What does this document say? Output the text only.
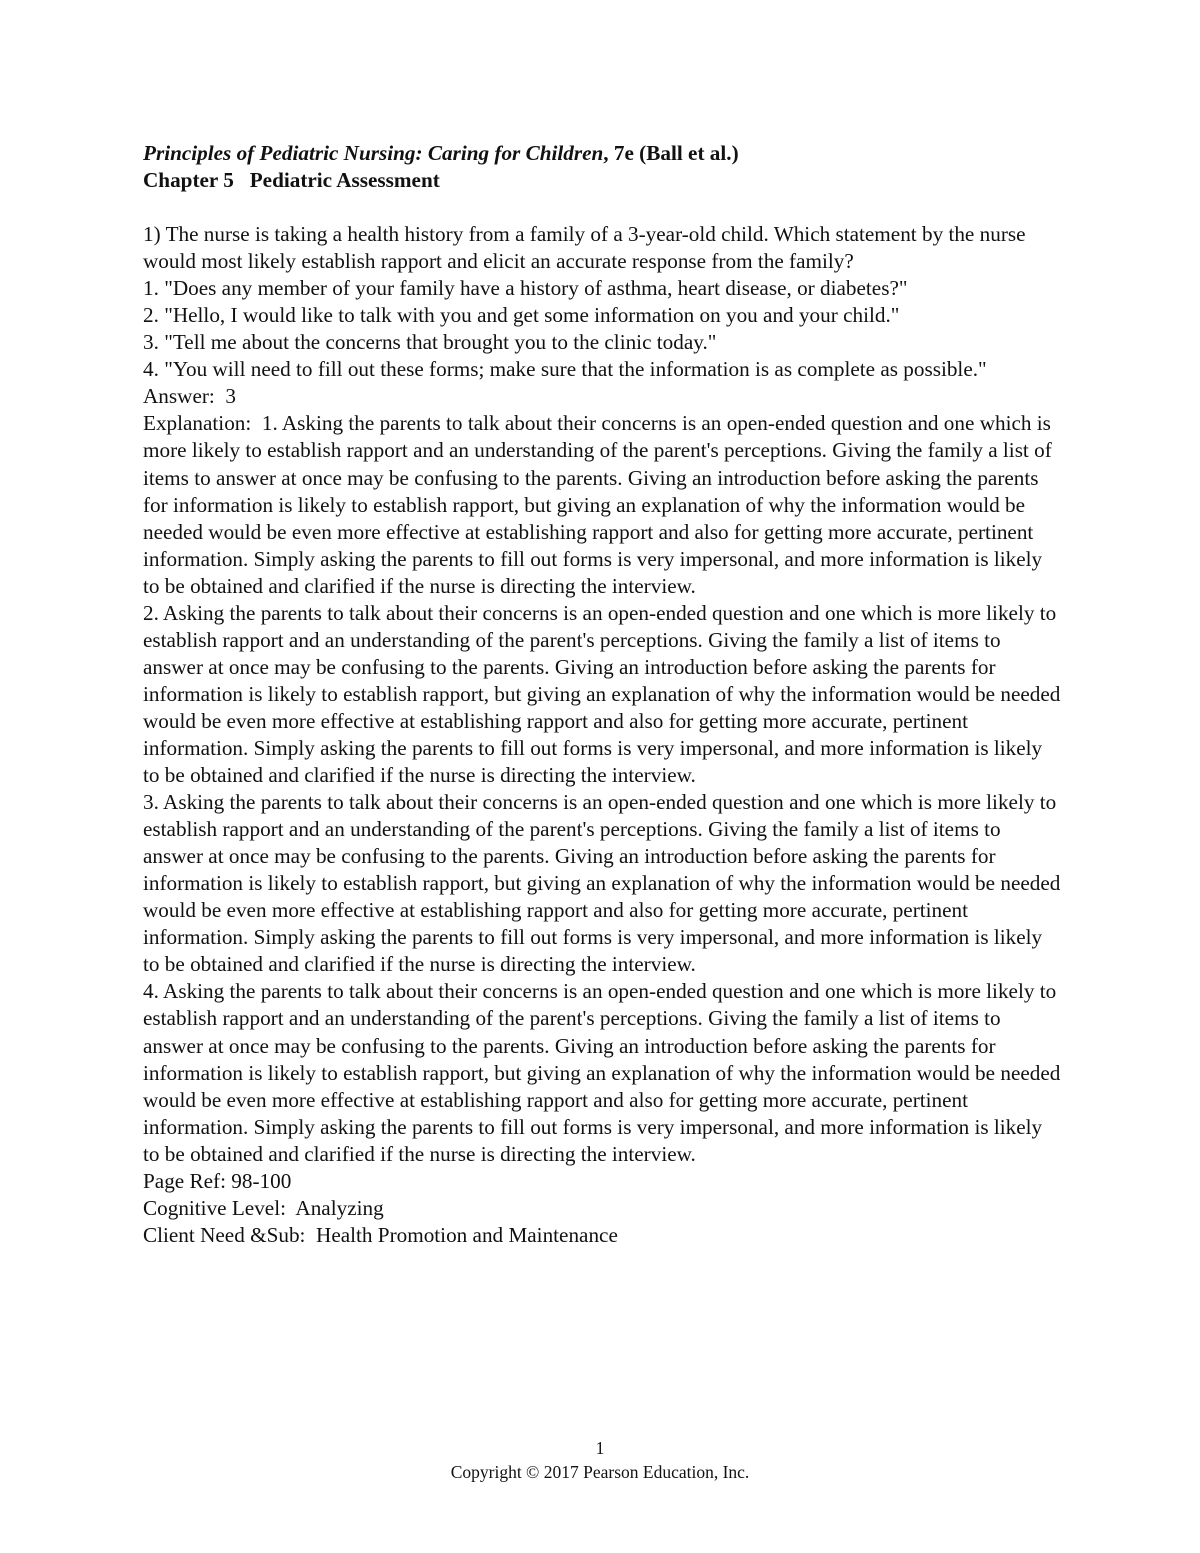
Principles of Pediatric Nursing: Caring for Children, 7e (Ball et al.)
Chapter 5   Pediatric Assessment
1) The nurse is taking a health history from a family of a 3-year-old child. Which statement by the nurse would most likely establish rapport and elicit an accurate response from the family?
1. "Does any member of your family have a history of asthma, heart disease, or diabetes?"
2. "Hello, I would like to talk with you and get some information on you and your child."
3. "Tell me about the concerns that brought you to the clinic today."
4. "You will need to fill out these forms; make sure that the information is as complete as possible."
Answer:  3
Explanation:  1. Asking the parents to talk about their concerns is an open-ended question and one which is more likely to establish rapport and an understanding of the parent's perceptions. Giving the family a list of items to answer at once may be confusing to the parents. Giving an introduction before asking the parents for information is likely to establish rapport, but giving an explanation of why the information would be needed would be even more effective at establishing rapport and also for getting more accurate, pertinent information. Simply asking the parents to fill out forms is very impersonal, and more information is likely to be obtained and clarified if the nurse is directing the interview.
2. Asking the parents to talk about their concerns is an open-ended question and one which is more likely to establish rapport and an understanding of the parent's perceptions. Giving the family a list of items to answer at once may be confusing to the parents. Giving an introduction before asking the parents for information is likely to establish rapport, but giving an explanation of why the information would be needed would be even more effective at establishing rapport and also for getting more accurate, pertinent information. Simply asking the parents to fill out forms is very impersonal, and more information is likely to be obtained and clarified if the nurse is directing the interview.
3. Asking the parents to talk about their concerns is an open-ended question and one which is more likely to establish rapport and an understanding of the parent's perceptions. Giving the family a list of items to answer at once may be confusing to the parents. Giving an introduction before asking the parents for information is likely to establish rapport, but giving an explanation of why the information would be needed would be even more effective at establishing rapport and also for getting more accurate, pertinent information. Simply asking the parents to fill out forms is very impersonal, and more information is likely to be obtained and clarified if the nurse is directing the interview.
4. Asking the parents to talk about their concerns is an open-ended question and one which is more likely to establish rapport and an understanding of the parent's perceptions. Giving the family a list of items to answer at once may be confusing to the parents. Giving an introduction before asking the parents for information is likely to establish rapport, but giving an explanation of why the information would be needed would be even more effective at establishing rapport and also for getting more accurate, pertinent information. Simply asking the parents to fill out forms is very impersonal, and more information is likely to be obtained and clarified if the nurse is directing the interview.
Page Ref: 98-100
Cognitive Level:  Analyzing
Client Need &Sub:  Health Promotion and Maintenance
1
Copyright © 2017 Pearson Education, Inc.
